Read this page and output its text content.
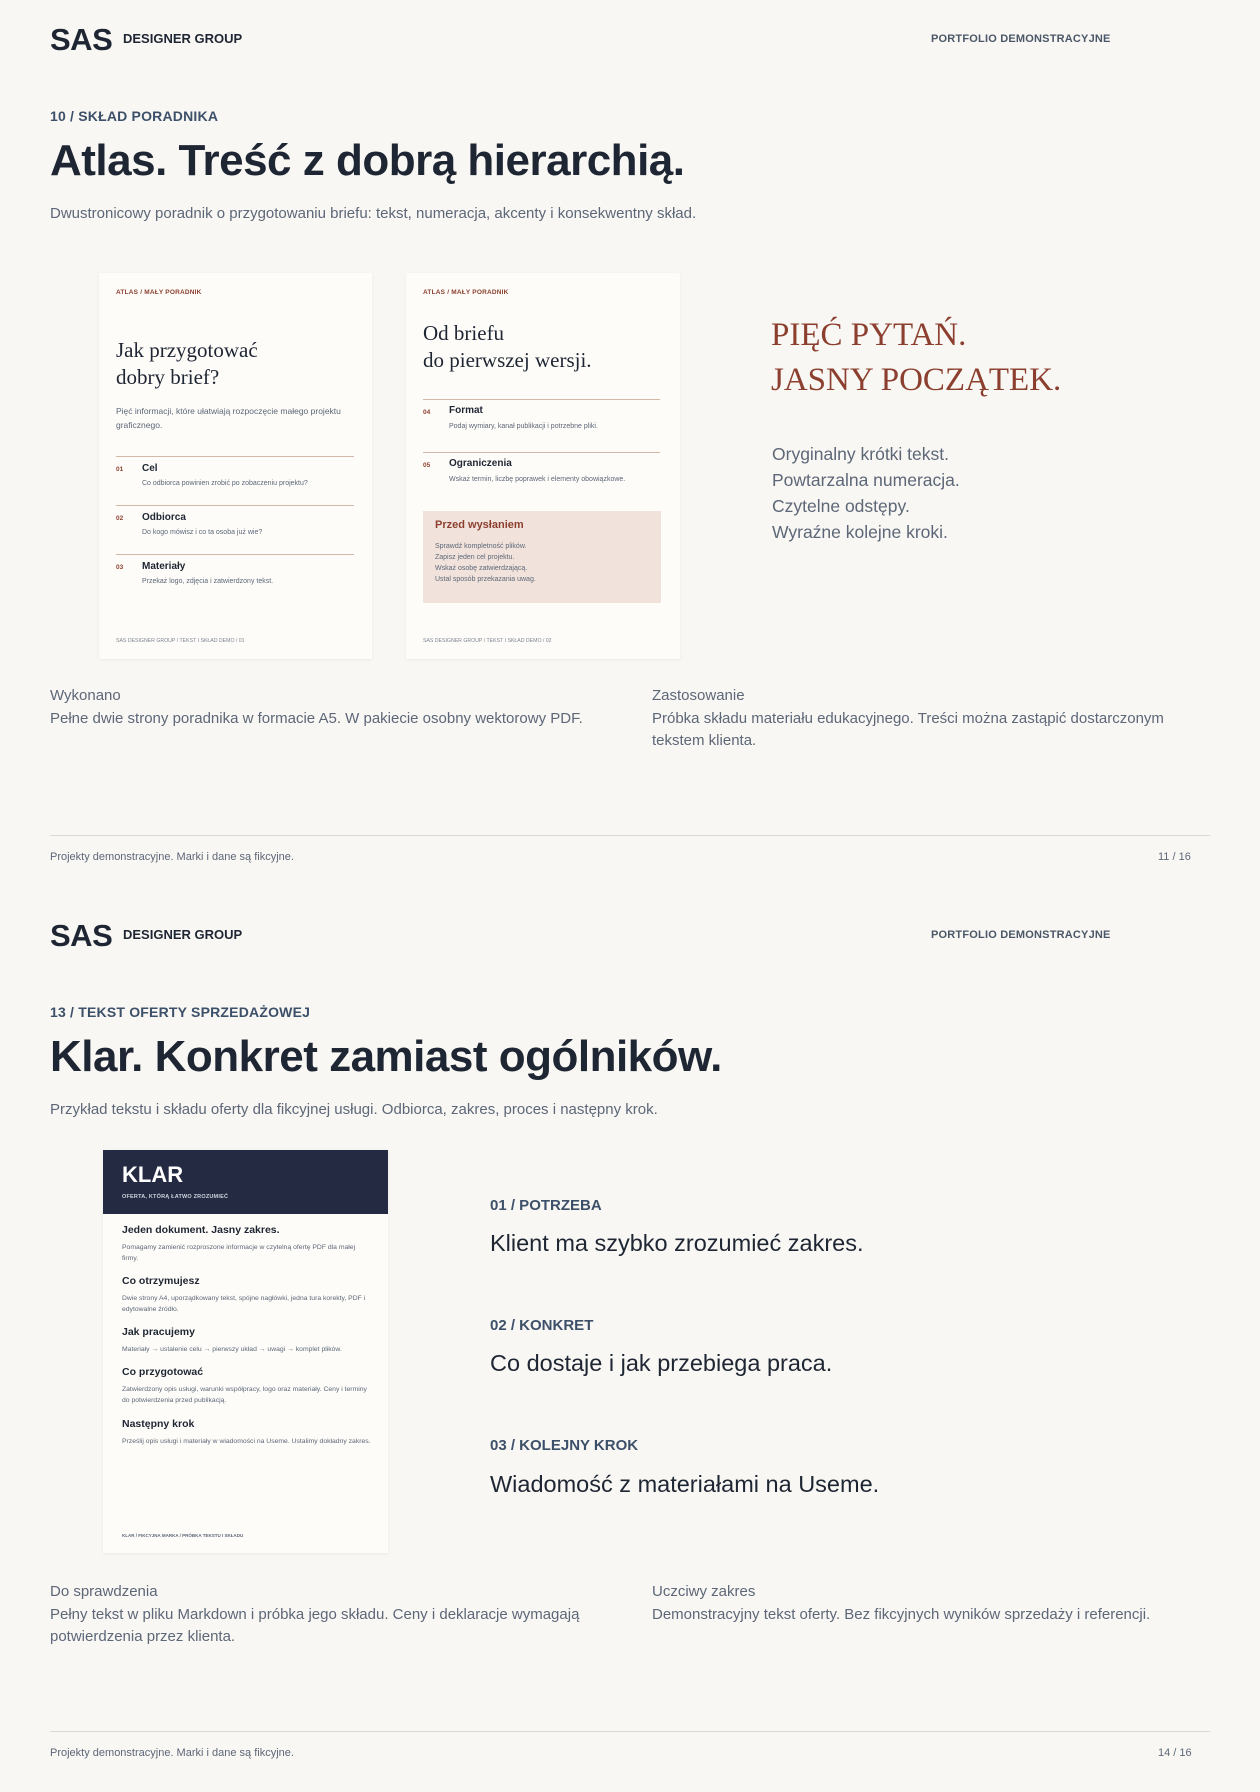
SAS DESIGNER GROUP	PORTFOLIO DEMONSTRACYJNE
10 / SKŁAD PORADNIKA
Atlas. Treść z dobrą hierarchią.
Dwustronicowy poradnik o przygotowaniu briefu: tekst, numeracja, akcenty i konsekwentny skład.
ATLAS / MAŁY PORADNIK
Jak przygotować
dobry brief?
Pięć informacji, które ułatwiają rozpoczęcie małego projektu graficznego.
01 Cel
Co odbiorca powinien zrobić po zobaczeniu projektu?
02 Odbiorca
Do kogo mówisz i co ta osoba już wie?
03 Materiały
Przekaż logo, zdjęcia i zatwierdzony tekst.
SAS DESIGNER GROUP / TEKST I SKŁAD DEMO / 01
ATLAS / MAŁY PORADNIK
Od briefu
do pierwszej wersji.
04 Format
Podaj wymiary, kanał publikacji i potrzebne pliki.
05 Ograniczenia
Wskaż termin, liczbę poprawek i elementy obowiązkowe.
Przed wysłaniem
Sprawdź kompletność plików.
Zapisz jeden cel projektu.
Wskaż osobę zatwierdzającą.
Ustal sposób przekazania uwag.
SAS DESIGNER GROUP / TEKST I SKŁAD DEMO / 02
PIĘĆ PYTAŃ.
JASNY POCZĄTEK.
Oryginalny krótki tekst.
Powtarzalna numeracja.
Czytelne odstępy.
Wyraźne kolejne kroki.
Wykonano
Pełne dwie strony poradnika w formacie A5. W pakiecie osobny wektorowy PDF.
Zastosowanie
Próbka składu materiału edukacyjnego. Treści można zastąpić dostarczonym tekstem klienta.
Projekty demonstracyjne. Marki i dane są fikcyjne.	11 / 16
SAS DESIGNER GROUP	PORTFOLIO DEMONSTRACYJNE
13 / TEKST OFERTY SPRZEDAŻOWEJ
Klar. Konkret zamiast ogólników.
Przykład tekstu i składu oferty dla fikcyjnej usługi. Odbiorca, zakres, proces i następny krok.
KLAR
OFERTA, KTÓRĄ ŁATWO ZROZUMIEĆ
Jeden dokument. Jasny zakres.
Pomagamy zamienić rozproszone informacje w czytelną ofertę PDF dla małej firmy.
Co otrzymujesz
Dwie strony A4, uporządkowany tekst, spójne nagłówki, jedna tura korekty, PDF i edytowalne źródło.
Jak pracujemy
Materiały → ustalenie celu → pierwszy układ → uwagi → komplet plików.
Co przygotować
Zatwierdzony opis usługi, warunki współpracy, logo oraz materiały. Ceny i terminy do potwierdzenia przed publikacją.
Następny krok
Prześlij opis usługi i materiały w wiadomości na Useme. Ustalimy dokładny zakres.
KLAR / FIKCYJNA MARKA / PRÓBKA TEKSTU I SKŁADU
01 / POTRZEBA
Klient ma szybko zrozumieć zakres.
02 / KONKRET
Co dostaje i jak przebiega praca.
03 / KOLEJNY KROK
Wiadomość z materiałami na Useme.
Do sprawdzenia
Pełny tekst w pliku Markdown i próbka jego składu. Ceny i deklaracje wymagają potwierdzenia przez klienta.
Uczciwy zakres
Demonstracyjny tekst oferty. Bez fikcyjnych wyników sprzedaży i referencji.
Projekty demonstracyjne. Marki i dane są fikcyjne.	14 / 16
